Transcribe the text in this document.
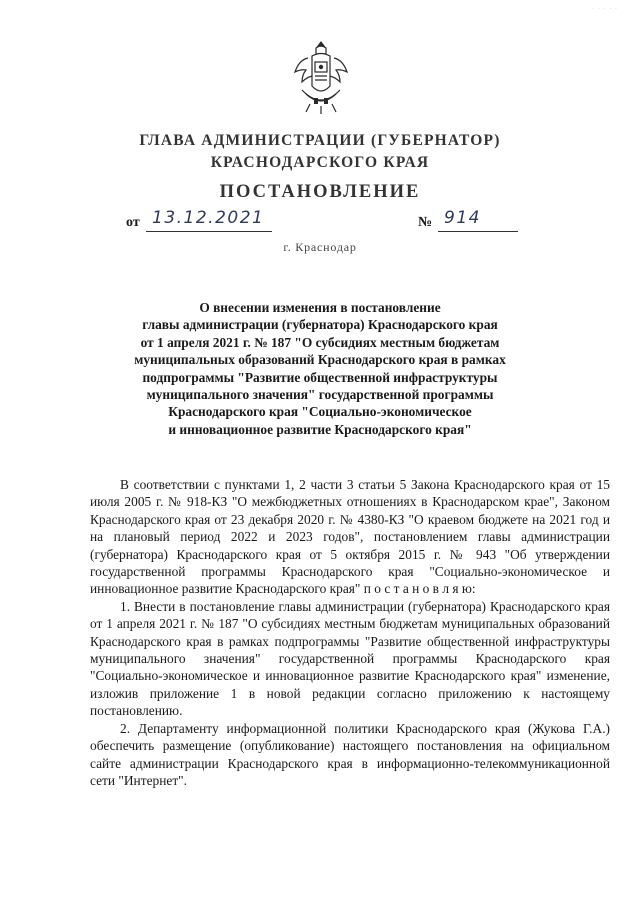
· · · · ·
ГЛАВА АДМИНИСТРАЦИИ (ГУБЕРНАТОР)
КРАСНОДАРСКОГО КРАЯ
ПОСТАНОВЛЕНИЕ
от 13.12.2021	№ 914
г. Краснодар
О внесении изменения в постановление
главы администрации (губернатора) Краснодарского края
от 1 апреля 2021 г. № 187 "О субсидиях местным бюджетам
муниципальных образований Краснодарского края в рамках
подпрограммы "Развитие общественной инфраструктуры
муниципального значения" государственной программы
Краснодарского края "Социально-экономическое
и инновационное развитие Краснодарского края"

В соответствии с пунктами 1, 2 части 3 статьи 5 Закона Краснодарского края от 15 июля 2005 г. № 918-КЗ "О межбюджетных отношениях в Краснодарском крае", Законом Краснодарского края от 23 декабря 2020 г. № 4380-КЗ "О краевом бюджете на 2021 год и на плановый период 2022 и 2023 годов", постановлением главы администрации (губернатора) Краснодарского края от 5 октября 2015 г. № 943 "Об утверждении государственной программы Краснодарского края "Социально-экономическое и инновационное развитие Краснодарского края" п о с т а н о в л я ю:

1. Внести в постановление главы администрации (губернатора) Краснодарского края от 1 апреля 2021 г. № 187 "О субсидиях местным бюджетам муниципальных образований Краснодарского края в рамках подпрограммы "Развитие общественной инфраструктуры муниципального значения" государственной программы Краснодарского края "Социально-экономическое и инновационное развитие Краснодарского края" изменение, изложив приложение 1 в новой редакции согласно приложению к настоящему постановлению.

2. Департаменту информационной политики Краснодарского края (Жукова Г.А.) обеспечить размещение (опубликование) настоящего постановления на официальном сайте администрации Краснодарского края в информационно-телекоммуникационной сети "Интернет".
